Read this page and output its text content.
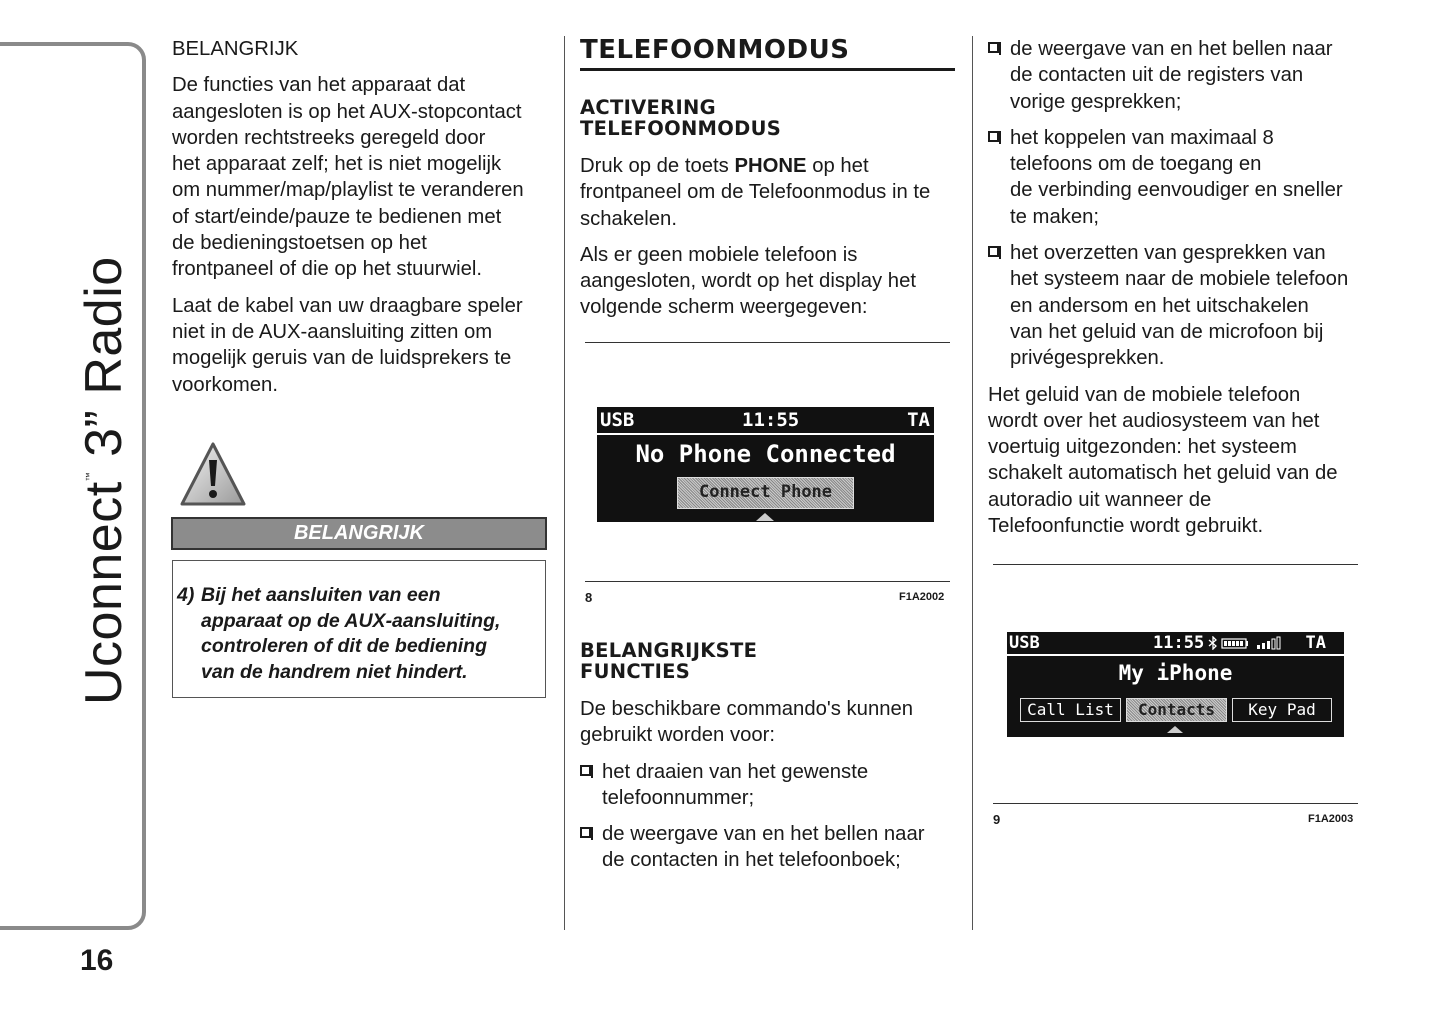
Uconnect™ 3” Radio
16

BELANGRIJK

De functies van het apparaat dat
aangesloten is op het AUX-stopcontact
worden rechtstreeks geregeld door
het apparaat zelf; het is niet mogelijk
om nummer/map/playlist te veranderen
of start/einde/pauze te bedienen met
de bedieningstoetsen op het
frontpaneel of die op het stuurwiel.

Laat de kabel van uw draagbare speler
niet in de AUX-aansluiting zitten om
mogelijk geruis van de luidsprekers te
voorkomen.

BELANGRIJK
4) Bij het aansluiten van een

apparaat op de AUX-aansluiting,
controleren of dit de bediening
van de handrem niet hindert.
TELEFOONMODUS
ACTIVERING
TELEFOONMODUS

Druk op de toets PHONE op het
frontpaneel om de Telefoonmodus in te
schakelen.

Als er geen mobiele telefoon is
aangesloten, wordt op het display het
volgende scherm weergegeven:

USB	11:55	TA
No Phone Connected
Connect Phone
8	F1A2002
BELANGRIJKSTE
FUNCTIES

De beschikbare commando's kunnen
gebruikt worden voor:

het draaien van het gewenste
telefoonnummer;
de weergave van en het bellen naar
de contacten in het telefoonboek;
de weergave van en het bellen naar
de contacten uit de registers van
vorige gesprekken;
het koppelen van maximaal 8
telefoons om de toegang en
de verbinding eenvoudiger en sneller
te maken;
het overzetten van gesprekken van
het systeem naar de mobiele telefoon
en andersom en het uitschakelen
van het geluid van de microfoon bij
privégesprekken.

Het geluid van de mobiele telefoon
wordt over het audiosysteem van het
voertuig uitgezonden: het systeem
schakelt automatisch het geluid van de
autoradio uit wanneer de
Telefoonfunctie wordt gebruikt.

USB	11:55	TA
My iPhone
Call List	Contacts	Key Pad
9	F1A2003
